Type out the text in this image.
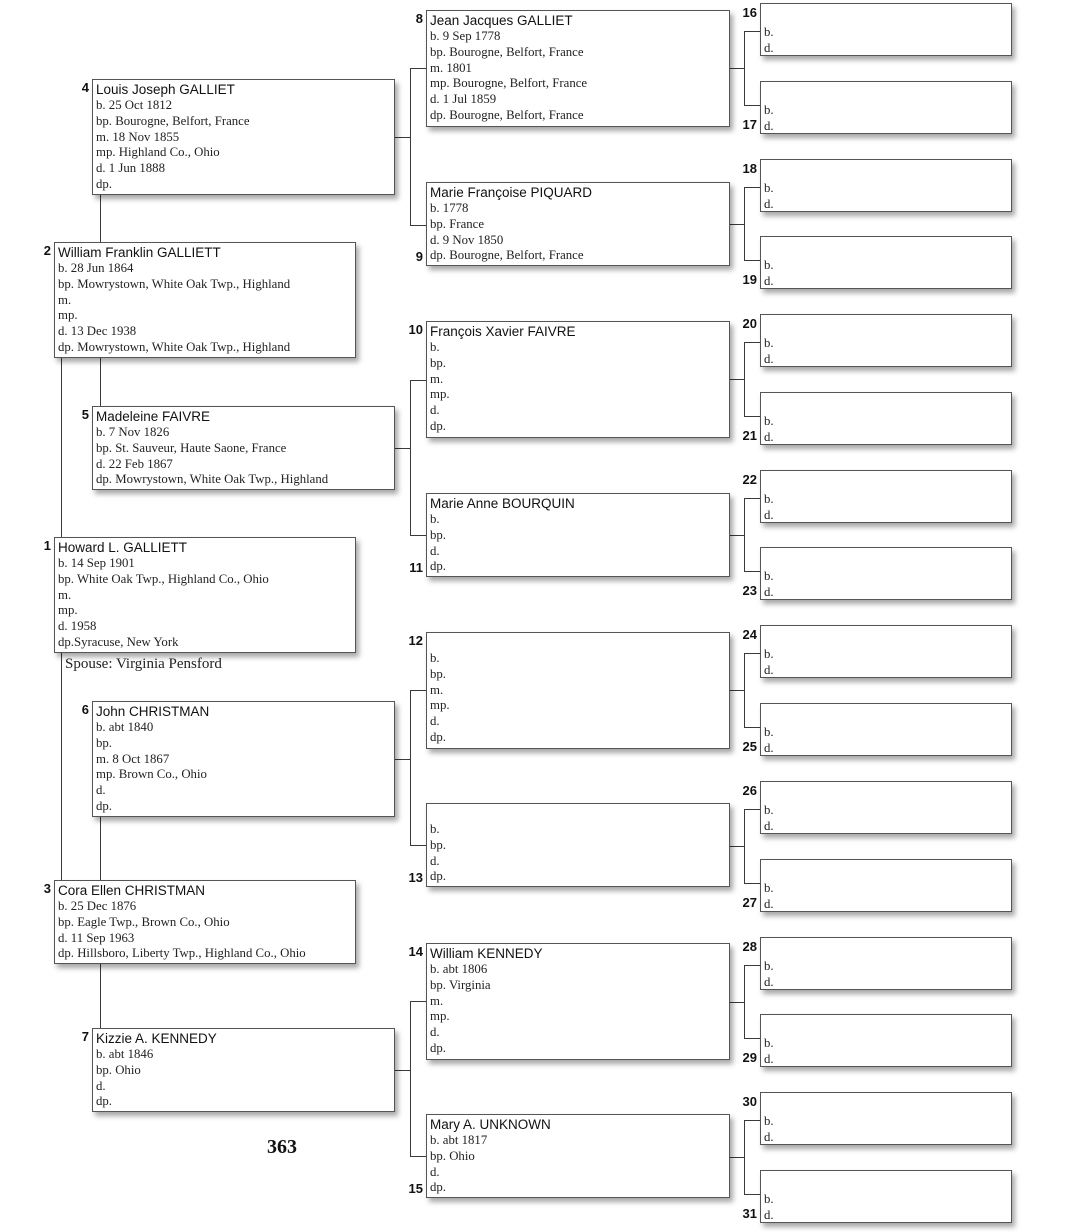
Howard L. GALLIETT
b. 14 Sep 1901
bp. White Oak Twp., Highland Co., Ohio
m.
mp.
d. 1958
dp.Syracuse, New York
1
William Franklin GALLIETT
b. 28 Jun 1864
bp. Mowrystown, White Oak Twp., Highland
m.
mp.
d. 13 Dec 1938
dp. Mowrystown, White Oak Twp., Highland
2
Cora Ellen CHRISTMAN
b. 25 Dec 1876
bp. Eagle Twp., Brown Co., Ohio
d. 11 Sep 1963
dp. Hillsboro, Liberty Twp., Highland Co., Ohio
3
Louis Joseph GALLIET
b. 25 Oct 1812
bp. Bourogne, Belfort, France
m. 18 Nov 1855
mp. Highland Co., Ohio
d. 1 Jun 1888
dp.
4
Madeleine FAIVRE
b. 7 Nov 1826
bp. St. Sauveur, Haute Saone, France
d. 22 Feb 1867
dp. Mowrystown, White Oak Twp., Highland
5
John CHRISTMAN
b. abt 1840
bp.
m. 8 Oct 1867
mp. Brown Co., Ohio
d.
dp.
6
Kizzie A. KENNEDY
b. abt 1846
bp. Ohio
d.
dp.
7
Jean Jacques GALLIET
b. 9 Sep 1778
bp. Bourogne, Belfort, France
m. 1801
mp. Bourogne, Belfort, France
d. 1 Jul 1859
dp. Bourogne, Belfort, France
8
Marie Françoise PIQUARD
b. 1778
bp. France
d. 9 Nov 1850
dp. Bourogne, Belfort, France
9
François Xavier FAIVRE
b.
bp.
m.
mp.
d.
dp.
10
Marie Anne BOURQUIN
b.
bp.
d.
dp.
11
b.
bp.
m.
mp.
d.
dp.
12
b.
bp.
d.
dp.
13
William KENNEDY
b. abt 1806
bp. Virginia
m.
mp.
d.
dp.
14
Mary A. UNKNOWN
b. abt 1817
bp. Ohio
d.
dp.
15
b.
d.
16
b.
d.
17
b.
d.
18
b.
d.
19
b.
d.
20
b.
d.
21
b.
d.
22
b.
d.
23
b.
d.
24
b.
d.
25
b.
d.
26
b.
d.
27
b.
d.
28
b.
d.
29
b.
d.
30
b.
d.
31
Spouse: Virginia Pensford
363
